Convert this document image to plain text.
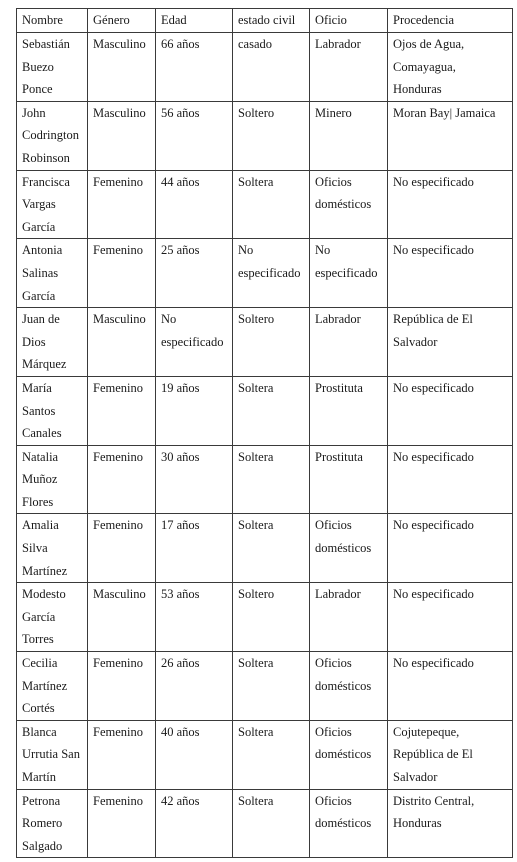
Nombre	Género	Edad	estado civil	Oficio	Procedencia
Sebastián Buezo Ponce	Masculino	66 años	casado	Labrador	Ojos de Agua, Comayagua, Honduras
John Codrington Robinson	Masculino	56 años	Soltero	Minero	Moran Bay| Jamaica
Francisca Vargas García	Femenino	44 años	Soltera	Oficios domésticos	No especificado
Antonia Salinas García	Femenino	25 años	No especificado	No especificado	No especificado
Juan de Dios Márquez	Masculino	No especificado	Soltero	Labrador	República de El Salvador
María Santos Canales	Femenino	19 años	Soltera	Prostituta	No especificado
Natalia Muñoz Flores	Femenino	30 años	Soltera	Prostituta	No especificado
Amalia Silva Martínez	Femenino	17 años	Soltera	Oficios domésticos	No especificado
Modesto García Torres	Masculino	53 años	Soltero	Labrador	No especificado
Cecilia Martínez Cortés	Femenino	26 años	Soltera	Oficios domésticos	No especificado
Blanca Urrutia San Martín	Femenino	40 años	Soltera	Oficios domésticos	Cojutepeque, República de El Salvador
Petrona Romero Salgado	Femenino	42 años	Soltera	Oficios domésticos	Distrito Central, Honduras
